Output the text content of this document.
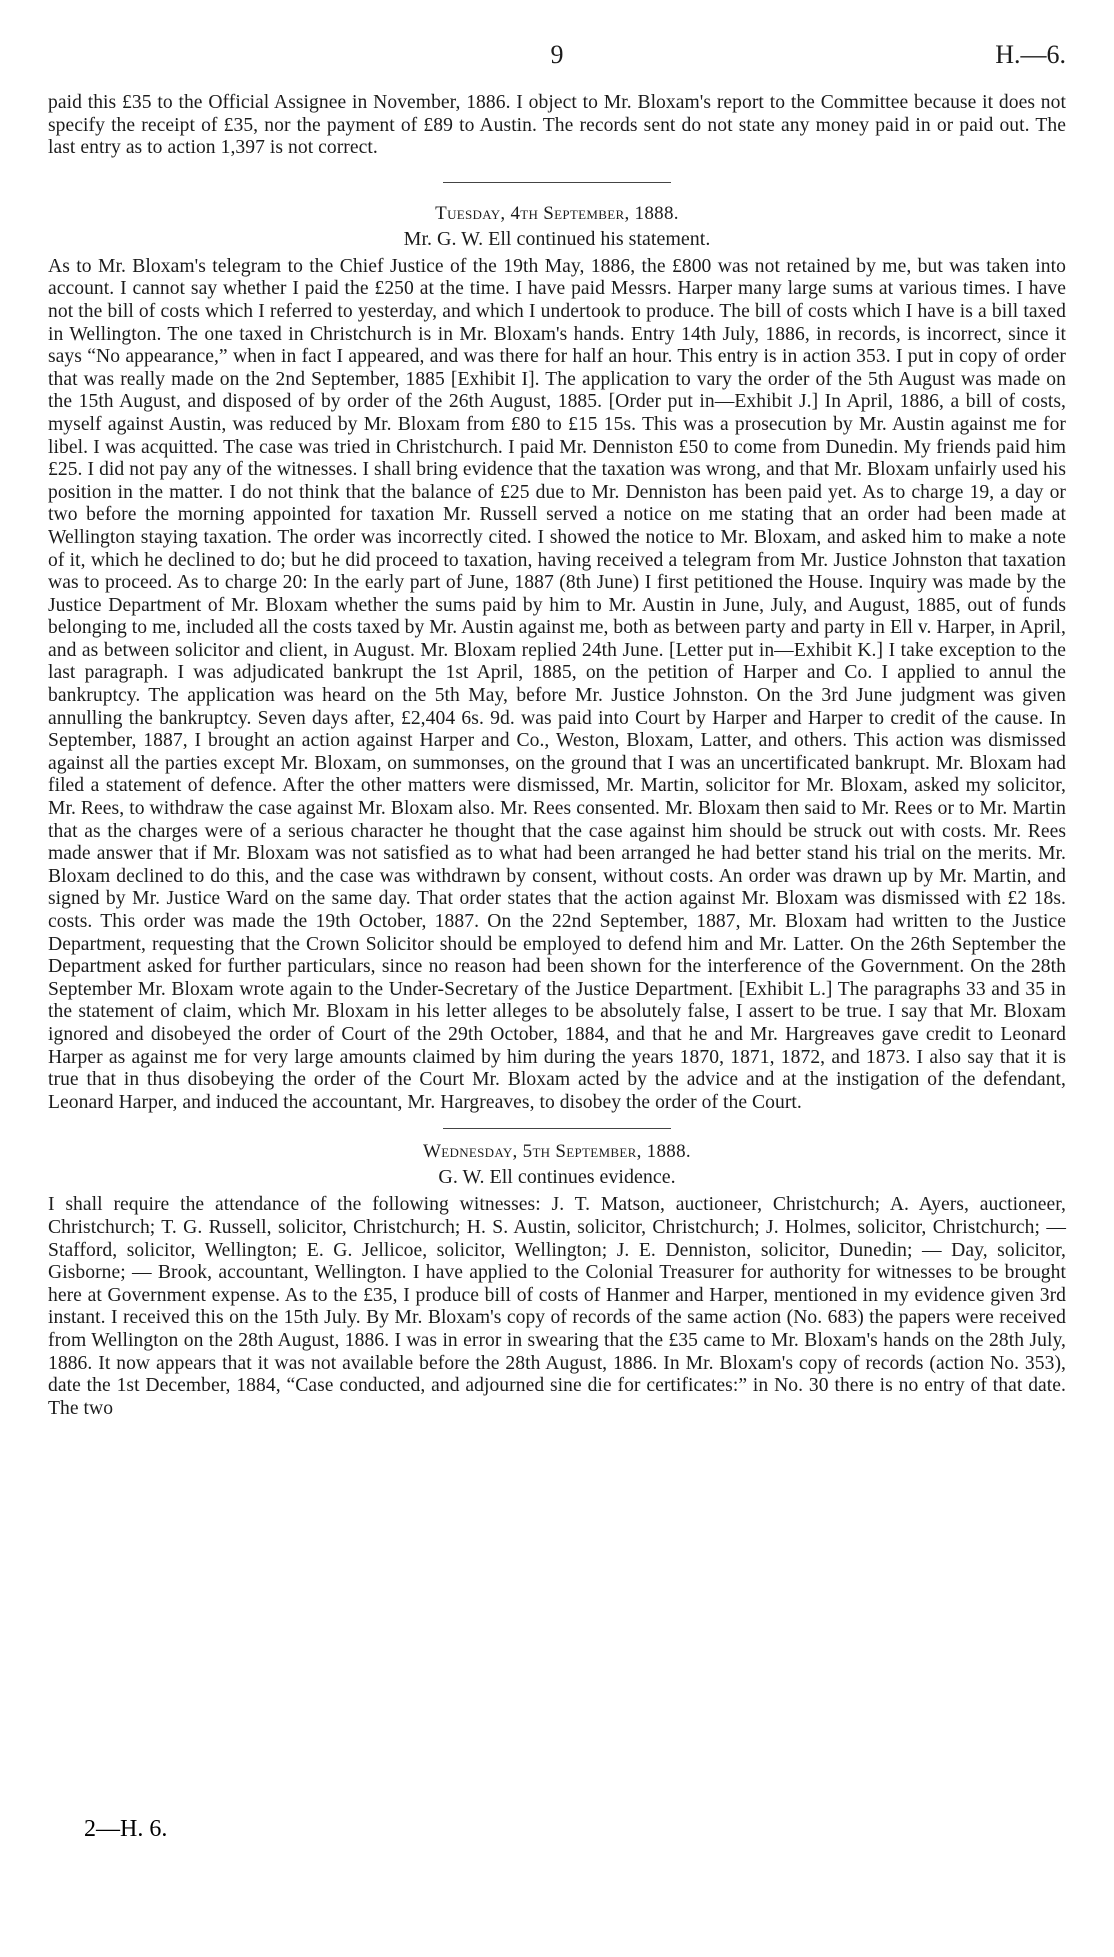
9	H.—6.

paid this £35 to the Official Assignee in November, 1886. I object to Mr. Bloxam's report to the Committee because it does not specify the receipt of £35, nor the payment of £89 to Austin. The records sent do not state any money paid in or paid out. The last entry as to action 1,397 is not correct.

Tuesday, 4th September, 1888.

Mr. G. W. Ell continued his statement.

As to Mr. Bloxam's telegram to the Chief Justice of the 19th May, 1886, the £800 was not retained by me, but was taken into account. I cannot say whether I paid the £250 at the time. I have paid Messrs. Harper many large sums at various times. I have not the bill of costs which I referred to yesterday, and which I undertook to produce. The bill of costs which I have is a bill taxed in Wellington. The one taxed in Christchurch is in Mr. Bloxam's hands. Entry 14th July, 1886, in records, is incorrect, since it says “No appearance,” when in fact I appeared, and was there for half an hour. This entry is in action 353. I put in copy of order that was really made on the 2nd September, 1885 [Exhibit I]. The application to vary the order of the 5th August was made on the 15th August, and disposed of by order of the 26th August, 1885. [Order put in—Exhibit J.] In April, 1886, a bill of costs, myself against Austin, was reduced by Mr. Bloxam from £80 to £15 15s. This was a prosecution by Mr. Austin against me for libel. I was acquitted. The case was tried in Christchurch. I paid Mr. Denniston £50 to come from Dunedin. My friends paid him £25. I did not pay any of the witnesses. I shall bring evidence that the taxation was wrong, and that Mr. Bloxam unfairly used his position in the matter. I do not think that the balance of £25 due to Mr. Denniston has been paid yet. As to charge 19, a day or two before the morning appointed for taxation Mr. Russell served a notice on me stating that an order had been made at Wellington staying taxation. The order was incorrectly cited. I showed the notice to Mr. Bloxam, and asked him to make a note of it, which he declined to do; but he did proceed to taxation, having received a telegram from Mr. Justice Johnston that taxation was to proceed. As to charge 20: In the early part of June, 1887 (8th June) I first petitioned the House. Inquiry was made by the Justice Department of Mr. Bloxam whether the sums paid by him to Mr. Austin in June, July, and August, 1885, out of funds belonging to me, included all the costs taxed by Mr. Austin against me, both as between party and party in Ell v. Harper, in April, and as between solicitor and client, in August. Mr. Bloxam replied 24th June. [Letter put in—Exhibit K.] I take exception to the last paragraph. I was adjudicated bankrupt the 1st April, 1885, on the petition of Harper and Co. I applied to annul the bankruptcy. The application was heard on the 5th May, before Mr. Justice Johnston. On the 3rd June judgment was given annulling the bankruptcy. Seven days after, £2,404 6s. 9d. was paid into Court by Harper and Harper to credit of the cause. In September, 1887, I brought an action against Harper and Co., Weston, Bloxam, Latter, and others. This action was dismissed against all the parties except Mr. Bloxam, on summonses, on the ground that I was an uncertificated bankrupt. Mr. Bloxam had filed a statement of defence. After the other matters were dismissed, Mr. Martin, solicitor for Mr. Bloxam, asked my solicitor, Mr. Rees, to withdraw the case against Mr. Bloxam also. Mr. Rees consented. Mr. Bloxam then said to Mr. Rees or to Mr. Martin that as the charges were of a serious character he thought that the case against him should be struck out with costs. Mr. Rees made answer that if Mr. Bloxam was not satisfied as to what had been arranged he had better stand his trial on the merits. Mr. Bloxam declined to do this, and the case was withdrawn by consent, without costs. An order was drawn up by Mr. Martin, and signed by Mr. Justice Ward on the same day. That order states that the action against Mr. Bloxam was dismissed with £2 18s. costs. This order was made the 19th October, 1887. On the 22nd September, 1887, Mr. Bloxam had written to the Justice Department, requesting that the Crown Solicitor should be employed to defend him and Mr. Latter. On the 26th September the Department asked for further particulars, since no reason had been shown for the interference of the Government. On the 28th September Mr. Bloxam wrote again to the Under-Secretary of the Justice Department. [Exhibit L.] The paragraphs 33 and 35 in the statement of claim, which Mr. Bloxam in his letter alleges to be absolutely false, I assert to be true. I say that Mr. Bloxam ignored and disobeyed the order of Court of the 29th October, 1884, and that he and Mr. Hargreaves gave credit to Leonard Harper as against me for very large amounts claimed by him during the years 1870, 1871, 1872, and 1873. I also say that it is true that in thus disobeying the order of the Court Mr. Bloxam acted by the advice and at the instigation of the defendant, Leonard Harper, and induced the accountant, Mr. Hargreaves, to disobey the order of the Court.

Wednesday, 5th September, 1888.

G. W. Ell continues evidence.

I shall require the attendance of the following witnesses: J. T. Matson, auctioneer, Christchurch; A. Ayers, auctioneer, Christchurch; T. G. Russell, solicitor, Christchurch; H. S. Austin, solicitor, Christchurch; J. Holmes, solicitor, Christchurch; — Stafford, solicitor, Wellington; E. G. Jellicoe, solicitor, Wellington; J. E. Denniston, solicitor, Dunedin; — Day, solicitor, Gisborne; — Brook, accountant, Wellington. I have applied to the Colonial Treasurer for authority for witnesses to be brought here at Government expense. As to the £35, I produce bill of costs of Hanmer and Harper, mentioned in my evidence given 3rd instant. I received this on the 15th July. By Mr. Bloxam's copy of records of the same action (No. 683) the papers were received from Wellington on the 28th August, 1886. I was in error in swearing that the £35 came to Mr. Bloxam's hands on the 28th July, 1886. It now appears that it was not available before the 28th August, 1886. In Mr. Bloxam's copy of records (action No. 353), date the 1st December, 1884, “Case conducted, and adjourned sine die for certificates:” in No. 30 there is no entry of that date. The two

2—H. 6.
